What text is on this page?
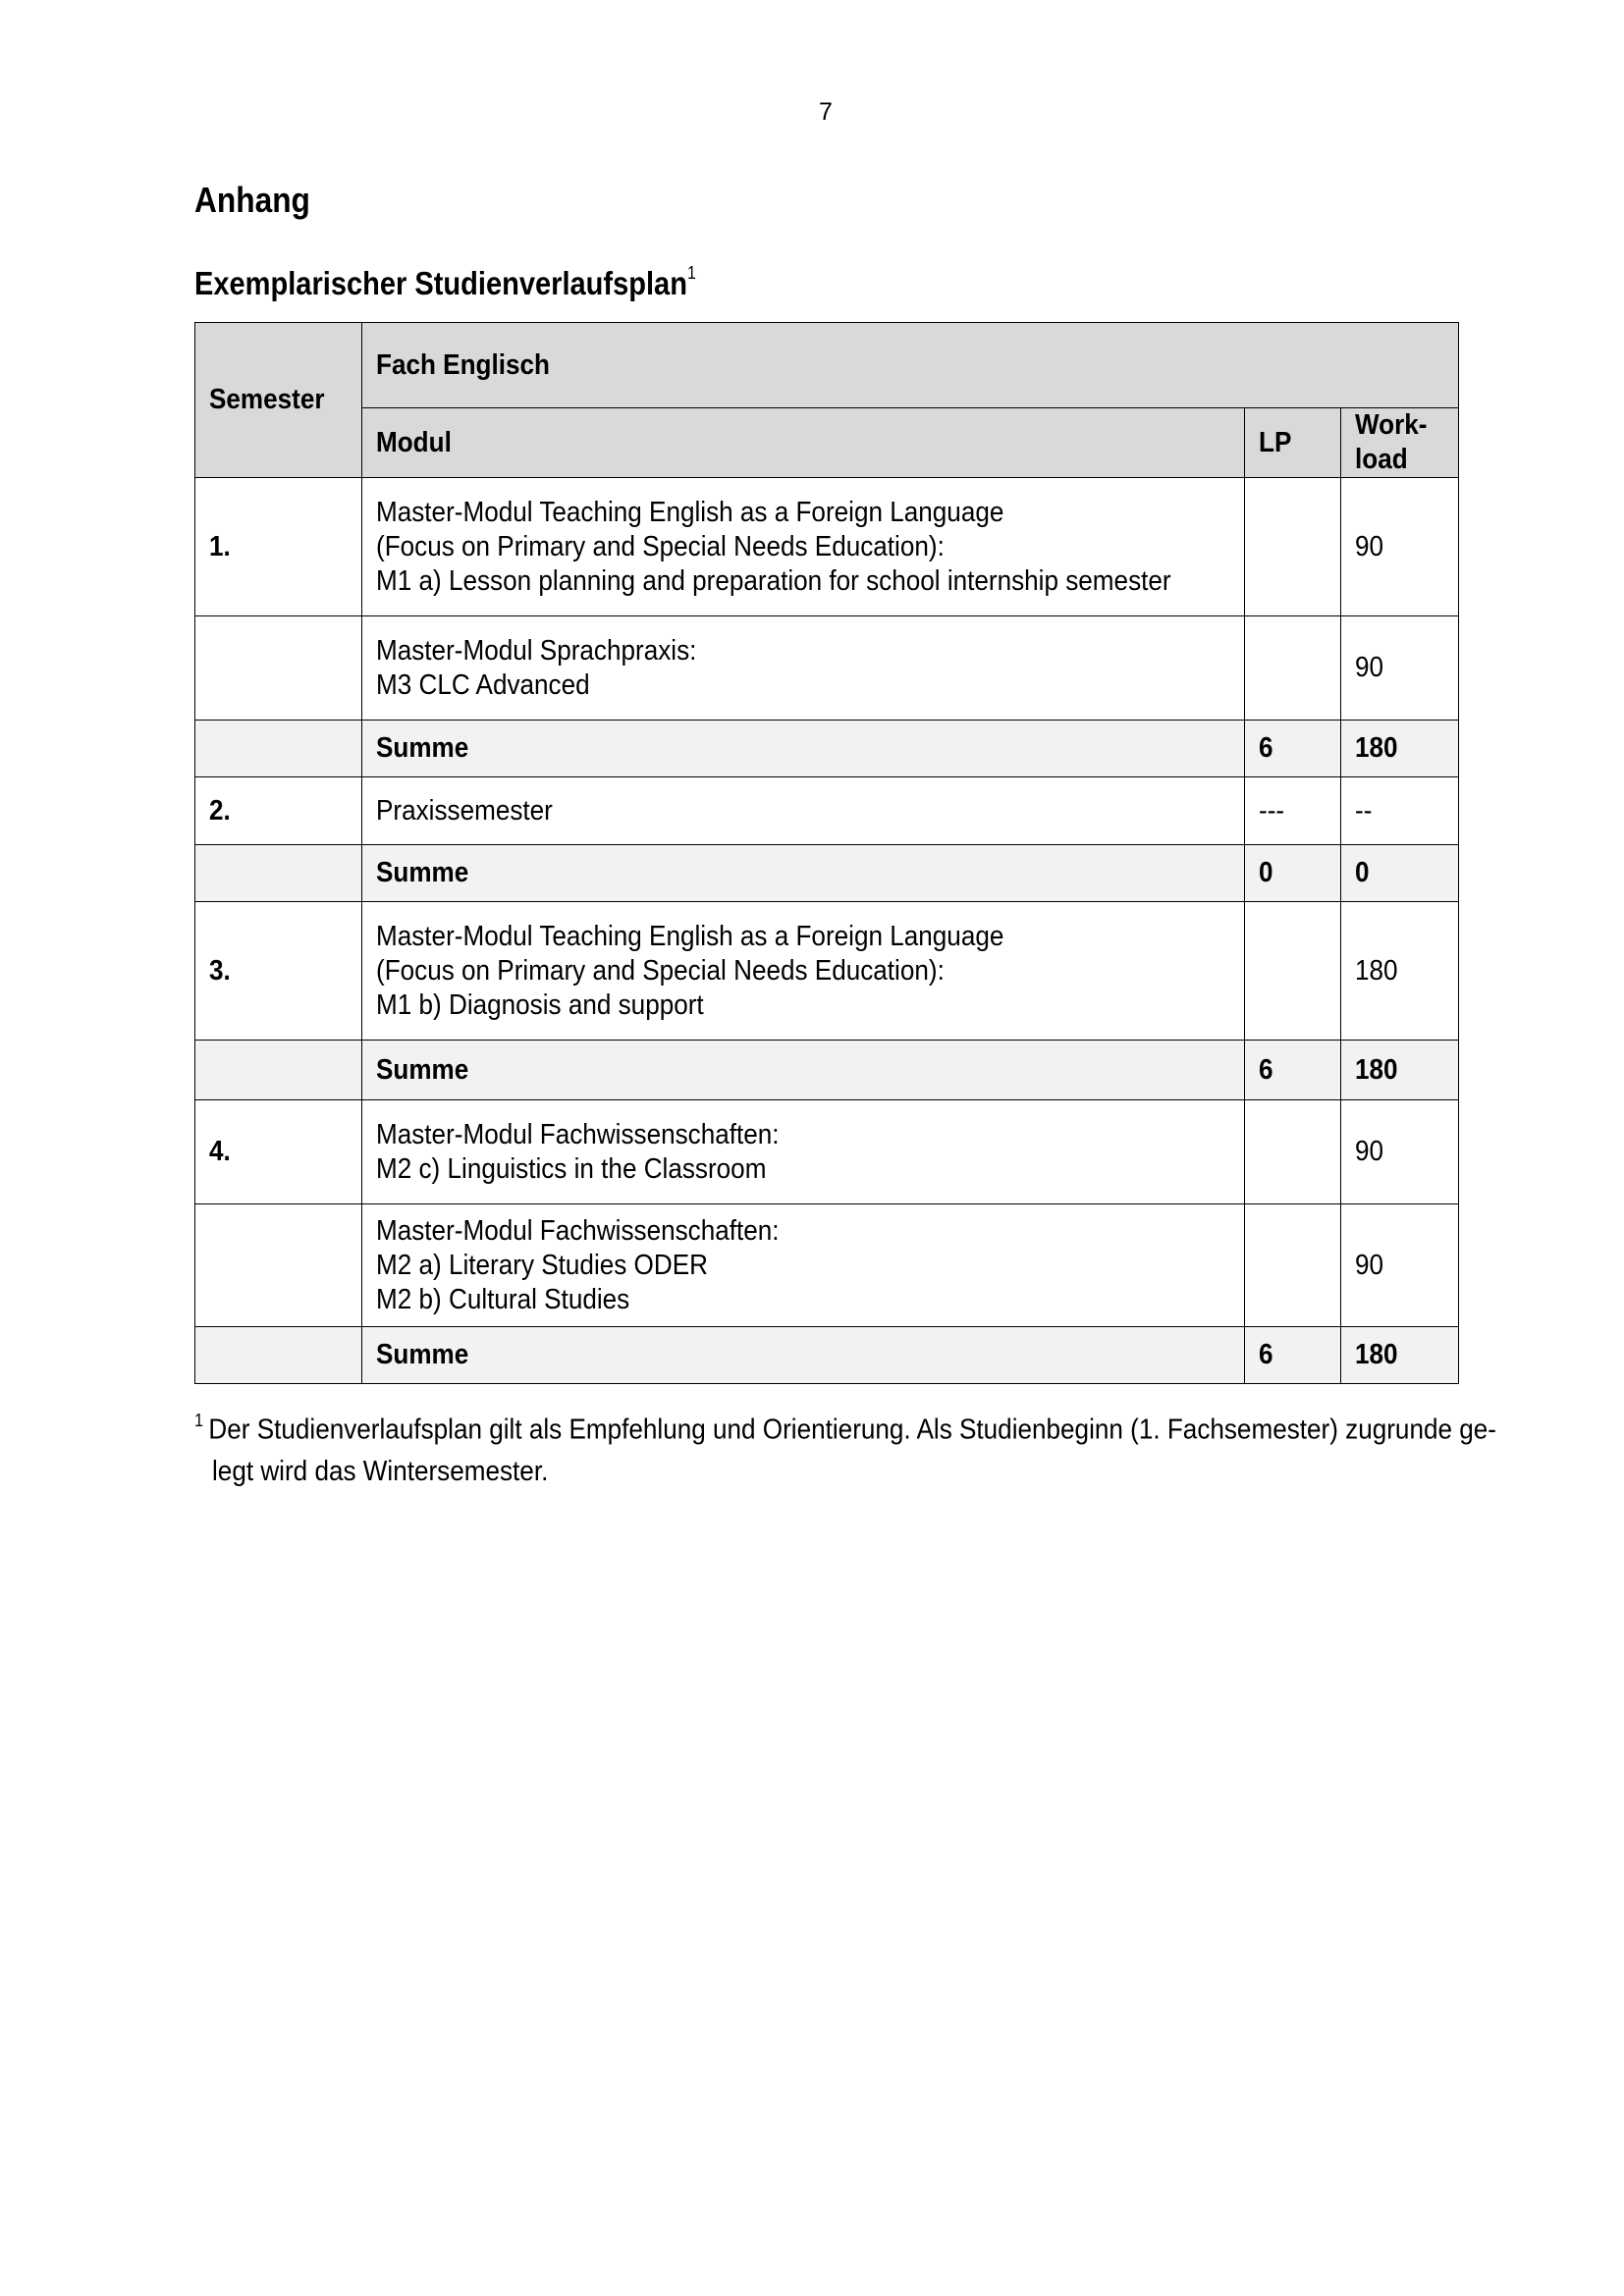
7
Anhang
Exemplarischer Studienverlaufsplan$^1$
Semester	Fach Englisch		
	Modul	LP	Work-
load
1.	Master-Modul Teaching English as a Foreign Language
(Focus on Primary and Special Needs Education):
M1 a) Lesson planning and preparation for school internship semester		90
	Master-Modul Sprachpraxis:
M3 CLC Advanced		90
	Summe	6	180
2.	Praxissemester	---	--
	Summe	0	0
3.	Master-Modul Teaching English as a Foreign Language
(Focus on Primary and Special Needs Education):
M1 b) Diagnosis and support		180
	Summe	6	180
4.	Master-Modul Fachwissenschaften:
M2 c) Linguistics in the Classroom		90
	Master-Modul Fachwissenschaften:
M2 a) Literary Studies ODER
M2 b) Cultural Studies		90
	Summe	6	180
$^1$ Der Studienverlaufsplan gilt als Empfehlung und Orientierung. Als Studienbeginn (1. Fachsemester) zugrunde ge-
legt wird das Wintersemester.
